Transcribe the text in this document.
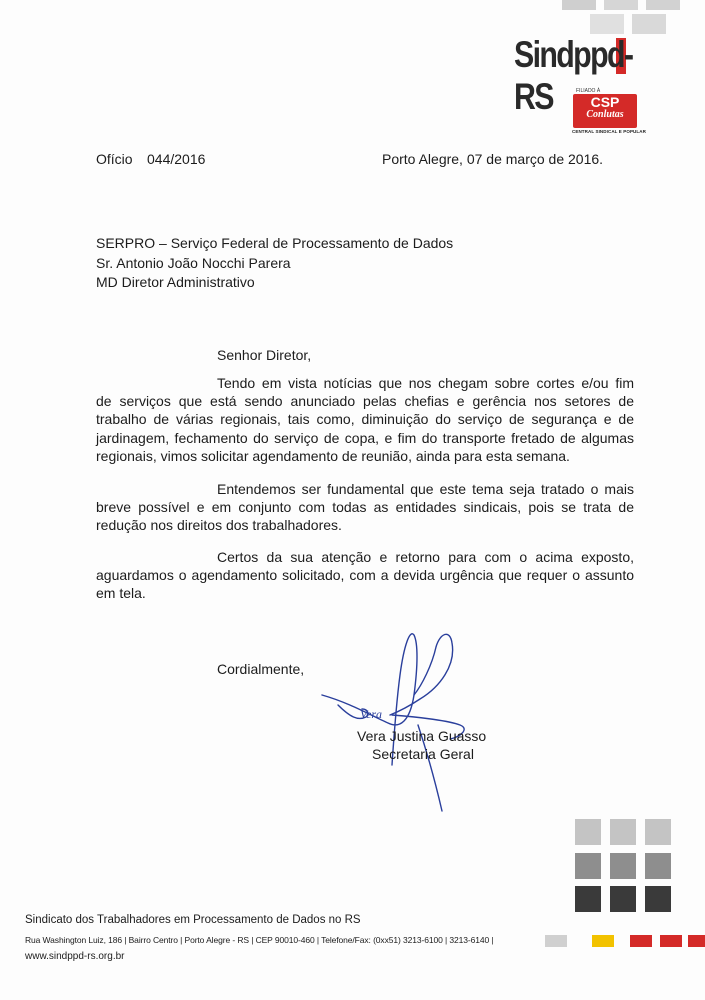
Sindppd-RS	FILIADO À
CSP
Conlutas
CENTRAL SINDICAL E POPULAR
Ofício 044/2016	Porto Alegre, 07 de março de 2016.
SERPRO – Serviço Federal de Processamento de Dados
Sr. Antonio João Nocchi Parera
MD Diretor Administrativo
Senhor Diretor,
Tendo em vista notícias que nos chegam sobre cortes e/ou fim
de serviços que está sendo anunciado pelas chefias e gerência nos setores de trabalho de várias regionais, tais como, diminuição do serviço de segurança e de jardinagem, fechamento do serviço de copa, e fim do transporte fretado de algumas regionais, vimos solicitar agendamento de reunião, ainda para esta semana.
Entendemos ser fundamental que este tema seja tratado o mais
breve possível e em conjunto com todas as entidades sindicais, pois se trata de redução nos direitos dos trabalhadores.
Certos da sua atenção e retorno para com o acima exposto,
aguardamos o agendamento solicitado, com a devida urgência que requer o assunto em tela.
Cordialmente,
Vera
Vera Justina Guasso
Secretaria Geral
Sindicato dos Trabalhadores em Processamento de Dados no RS
Rua Washington Luiz, 186 | Bairro Centro | Porto Alegre - RS | CEP 90010-460 | Telefone/Fax: (0xx51) 3213-6100 | 3213-6140 |
www.sindppd-rs.org.br
